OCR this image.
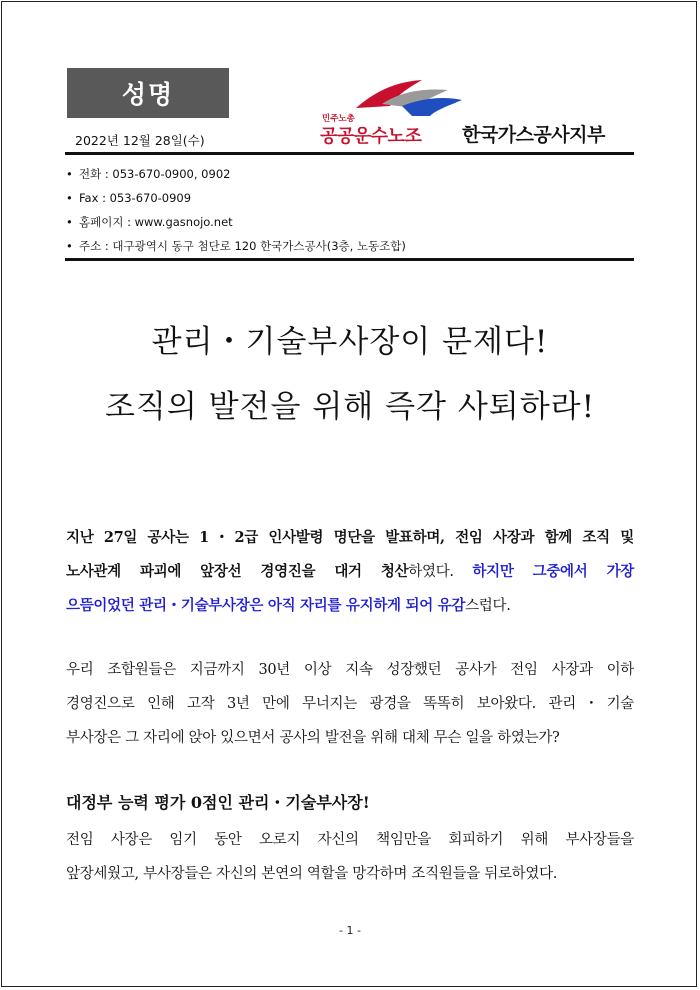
성명
2022년 12월 28일(수)
민주노총
공공운수노조 한국가스공사지부
• 전화 : 053-670-0900, 0902
• Fax : 053-670-0909
• 홈페이지 : www.gasnojo.net
• 주소 : 대구광역시 동구 첨단로 120 한국가스공사(3층, 노동조합)
관리・기술부사장이 문제다!
조직의 발전을 위해 즉각 사퇴하라!
지난 27일 공사는 1・2급 인사발령 명단을 발표하며, 전임 사장과 함께 조직 및
노사관계 파괴에 앞장선 경영진을 대거 청산하였다. 하지만 그중에서 가장
으뜸이었던 관리・기술부사장은 아직 자리를 유지하게 되어 유감스럽다.
우리 조합원들은 지금까지 30년 이상 지속 성장했던 공사가 전임 사장과 이하
경영진으로 인해 고작 3년 만에 무너지는 광경을 똑똑히 보아왔다. 관리・기술
부사장은 그 자리에 앉아 있으면서 공사의 발전을 위해 대체 무슨 일을 하였는가?
대정부 능력 평가 0점인 관리・기술부사장!
전임 사장은 임기 동안 오로지 자신의 책임만을 회피하기 위해 부사장들을
앞장세웠고, 부사장들은 자신의 본연의 역할을 망각하며 조직원들을 뒤로하였다.
- 1 -
